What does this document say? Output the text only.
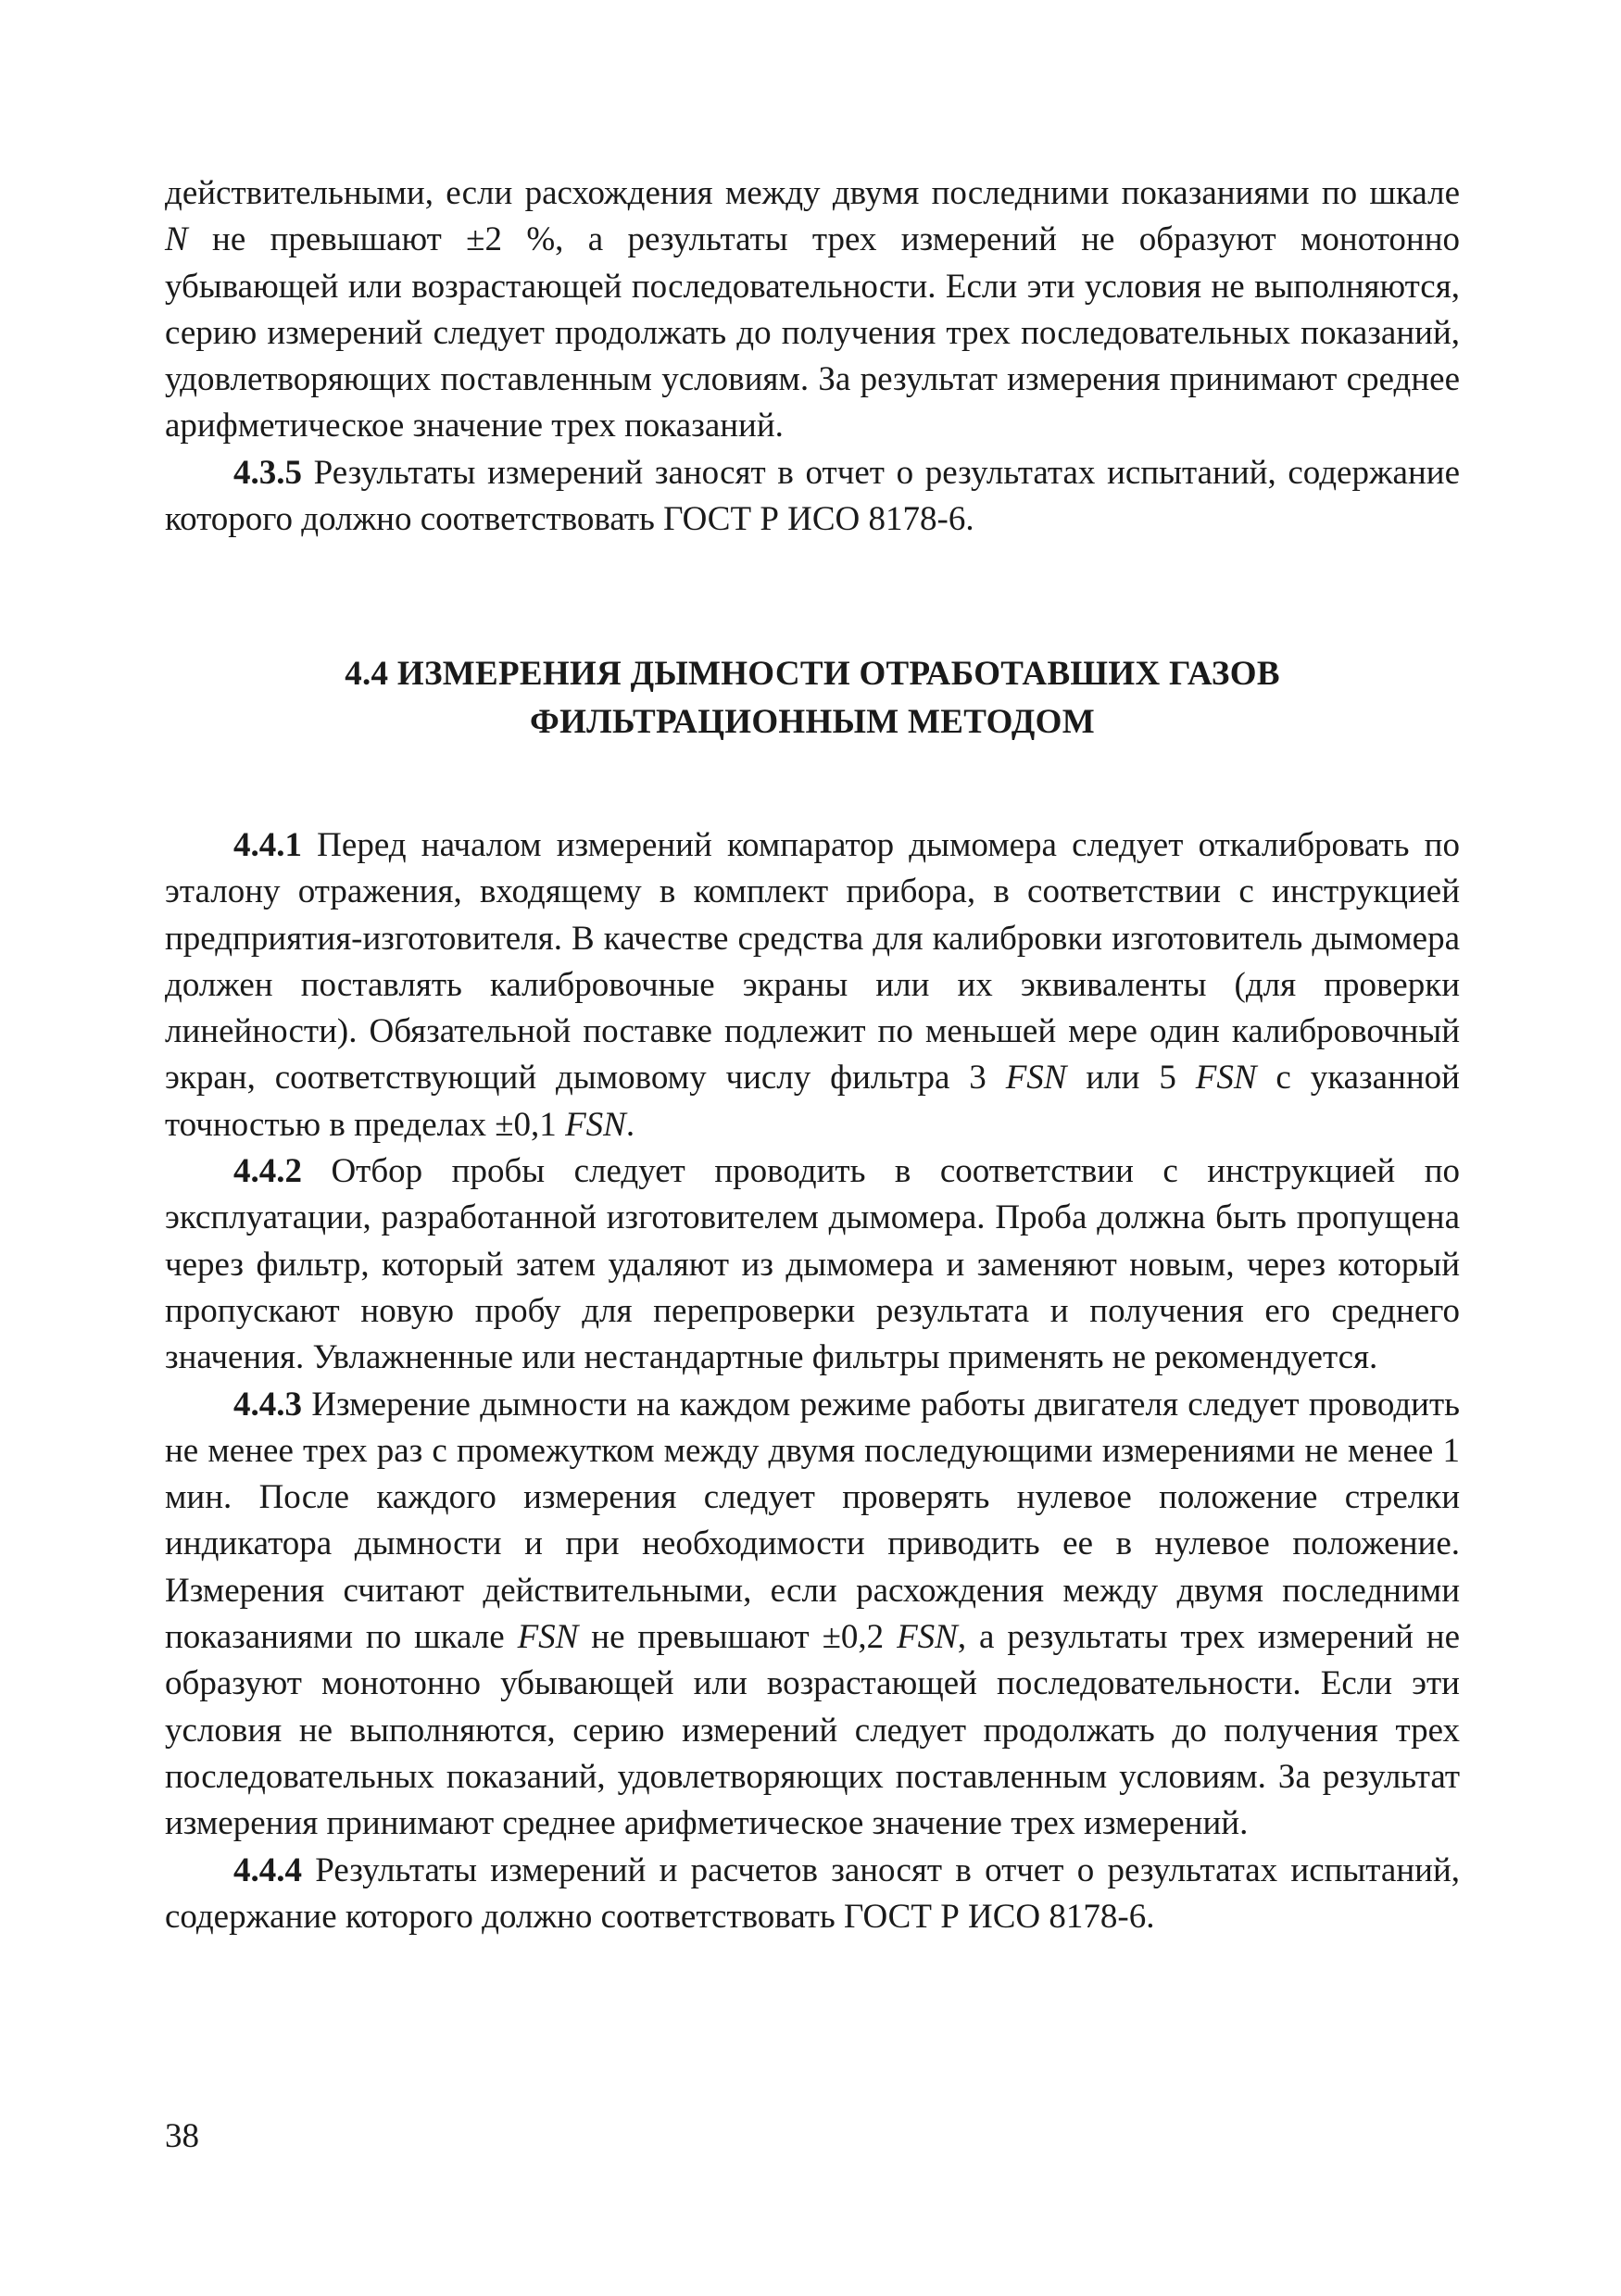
действительными, если расхождения между двумя последними показаниями по шкале N не превышают ±2 %, а результаты трех измерений не образуют монотонно убывающей или возрастающей последовательности. Если эти условия не выполняются, серию измерений следует продолжать до получения трех последовательных показаний, удовлетворяющих поставленным условиям. За результат измерения принимают среднее арифметическое значение трех показаний.

4.3.5 Результаты измерений заносят в отчет о результатах испытаний, содержание которого должно соответствовать ГОСТ Р ИСО 8178-6.

4.4 ИЗМЕРЕНИЯ ДЫМНОСТИ ОТРАБОТАВШИХ ГАЗОВ
ФИЛЬТРАЦИОННЫМ МЕТОДОМ

4.4.1 Перед началом измерений компаратор дымомера следует откалибровать по эталону отражения, входящему в комплект прибора, в соответствии с инструкцией предприятия-изготовителя. В качестве средства для калибровки изготовитель дымомера должен поставлять калибровочные экраны или их эквиваленты (для проверки линейности). Обязательной поставке подлежит по меньшей мере один калибровочный экран, соответствующий дымовому числу фильтра 3 FSN или 5 FSN с указанной точностью в пределах ±0,1 FSN.

4.4.2 Отбор пробы следует проводить в соответствии с инструкцией по эксплуатации, разработанной изготовителем дымомера. Проба должна быть пропущена через фильтр, который затем удаляют из дымомера и заменяют новым, через который пропускают новую пробу для перепроверки результата и получения его среднего значения. Увлажненные или нестандартные фильтры применять не рекомендуется.

4.4.3 Измерение дымности на каждом режиме работы двигателя следует проводить не менее трех раз с промежутком между двумя последующими измерениями не менее 1 мин. После каждого измерения следует проверять нулевое положение стрелки индикатора дымности и при необходимости приводить ее в нулевое положение. Измерения считают действительными, если расхождения между двумя последними показаниями по шкале FSN не превышают ±0,2 FSN, а результаты трех измерений не образуют монотонно убывающей или возрастающей последовательности. Если эти условия не выполняются, серию измерений следует продолжать до получения трех последовательных показаний, удовлетворяющих поставленным условиям. За результат измерения принимают среднее арифметическое значение трех измерений.

4.4.4 Результаты измерений и расчетов заносят в отчет о результатах испытаний, содержание которого должно соответствовать ГОСТ Р ИСО 8178-6.

38
